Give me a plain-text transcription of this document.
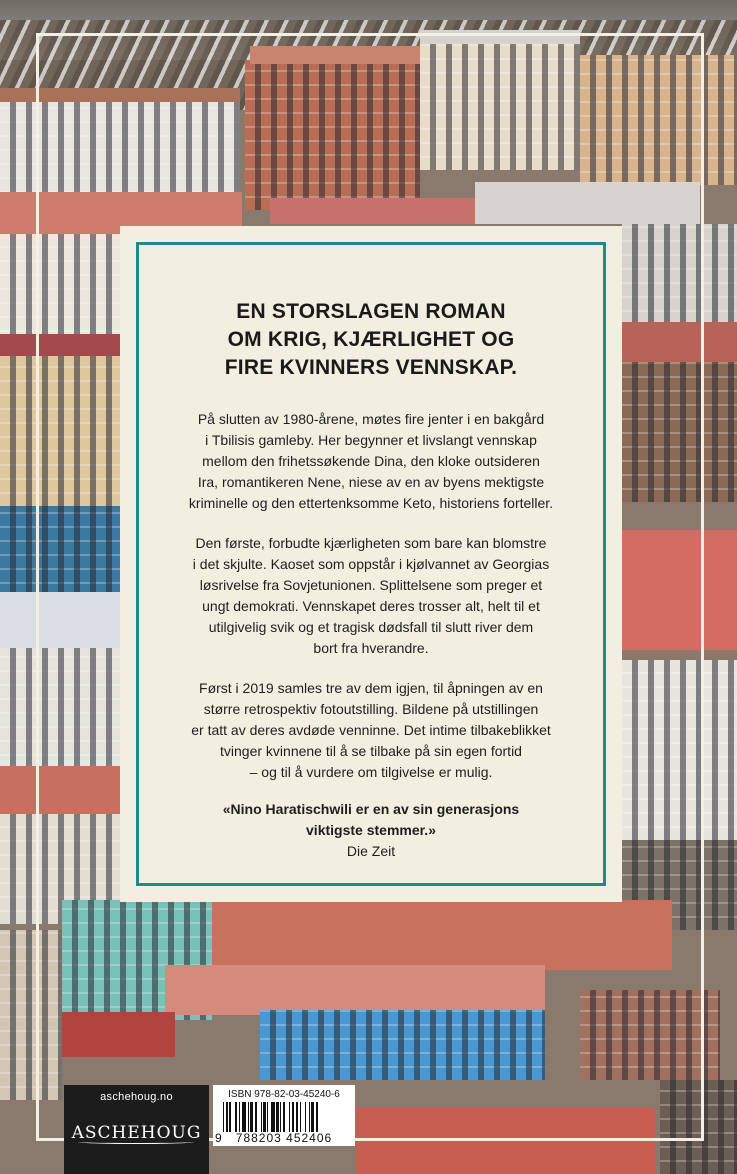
EN STORSLAGEN ROMAN
OM KRIG, KJÆRLIGHET OG
FIRE KVINNERS VENNSKAP.

På slutten av 1980-årene, møtes fire jenter i en bakgård
i Tbilisis gamleby. Her begynner et livslangt vennskap
mellom den frihetssøkende Dina, den kloke outsideren
Ira, romantikeren Nene, niese av en av byens mektigste
kriminelle og den ettertenksomme Keto, historiens forteller.

Den første, forbudte kjærligheten som bare kan blomstre
i det skjulte. Kaoset som oppstår i kjølvannet av Georgias
løsrivelse fra Sovjetunionen. Splittelsene som preger et
ungt demokrati. Vennskapet deres trosser alt, helt til et
utilgivelig svik og et tragisk dødsfall til slutt river dem
bort fra hverandre.

Først i 2019 samles tre av dem igjen, til åpningen av en
større retrospektiv fotoutstilling. Bildene på utstillingen
er tatt av deres avdøde venninne. Det intime tilbakeblikket
tvinger kvinnene til å se tilbake på sin egen fortid
– og til å vurdere om tilgivelse er mulig.

«Nino Haratischwili er en av sin generasjons
viktigste stemmer.»
Die Zeit
aschehoug.no
ASCHEHOUG
ISBN 978-82-03-45240-6
9 788203 452406
